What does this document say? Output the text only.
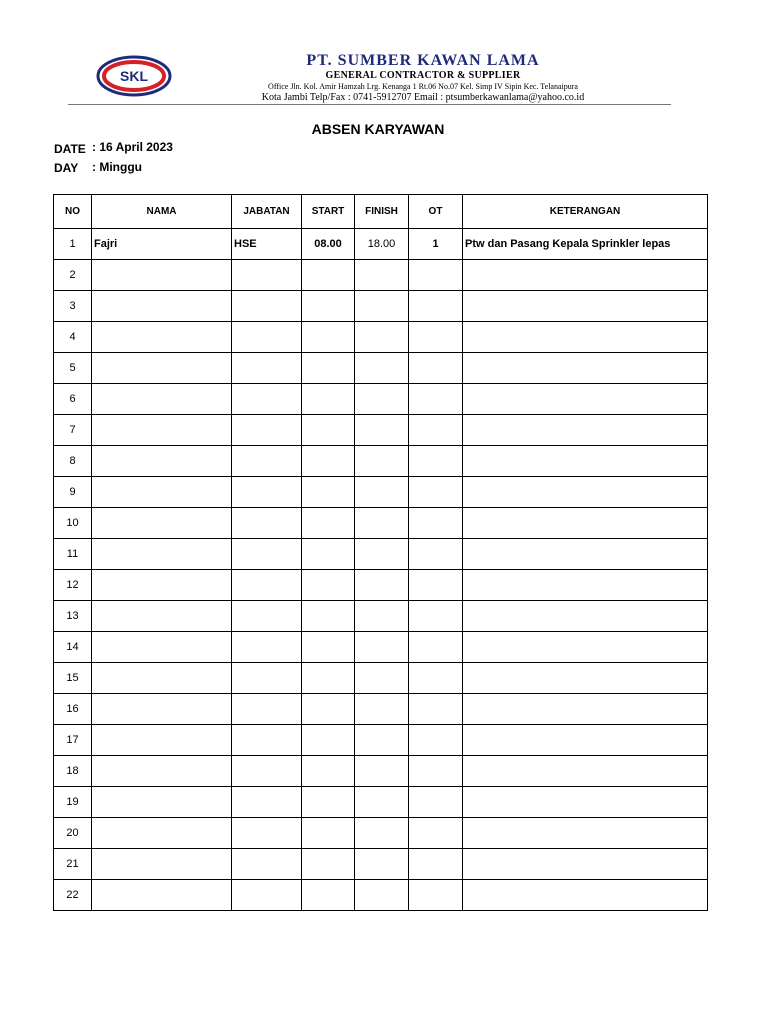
SKL
PT. SUMBER KAWAN LAMA
GENERAL CONTRACTOR & SUPPLIER
Office Jln. Kol. Amir Hamzah Lrg. Kenanga 1 Rt.06 No.07 Kel. Simp IV Sipin Kec. Telanaipura
Kota Jambi Telp/Fax : 0741-5912707 Email : ptsumberkawanlama@yahoo.co.id
ABSEN KARYAWAN
DATE : 16 April 2023
DAY : Minggu
NO	NAMA	JABATAN	START	FINISH	OT	KETERANGAN
1	Fajri	HSE	08.00	18.00	1	Ptw dan Pasang Kepala Sprinkler lepas
2						
3						
4						
5						
6						
7						
8						
9						
10						
11						
12						
13						
14						
15						
16						
17						
18						
19						
20						
21						
22						
